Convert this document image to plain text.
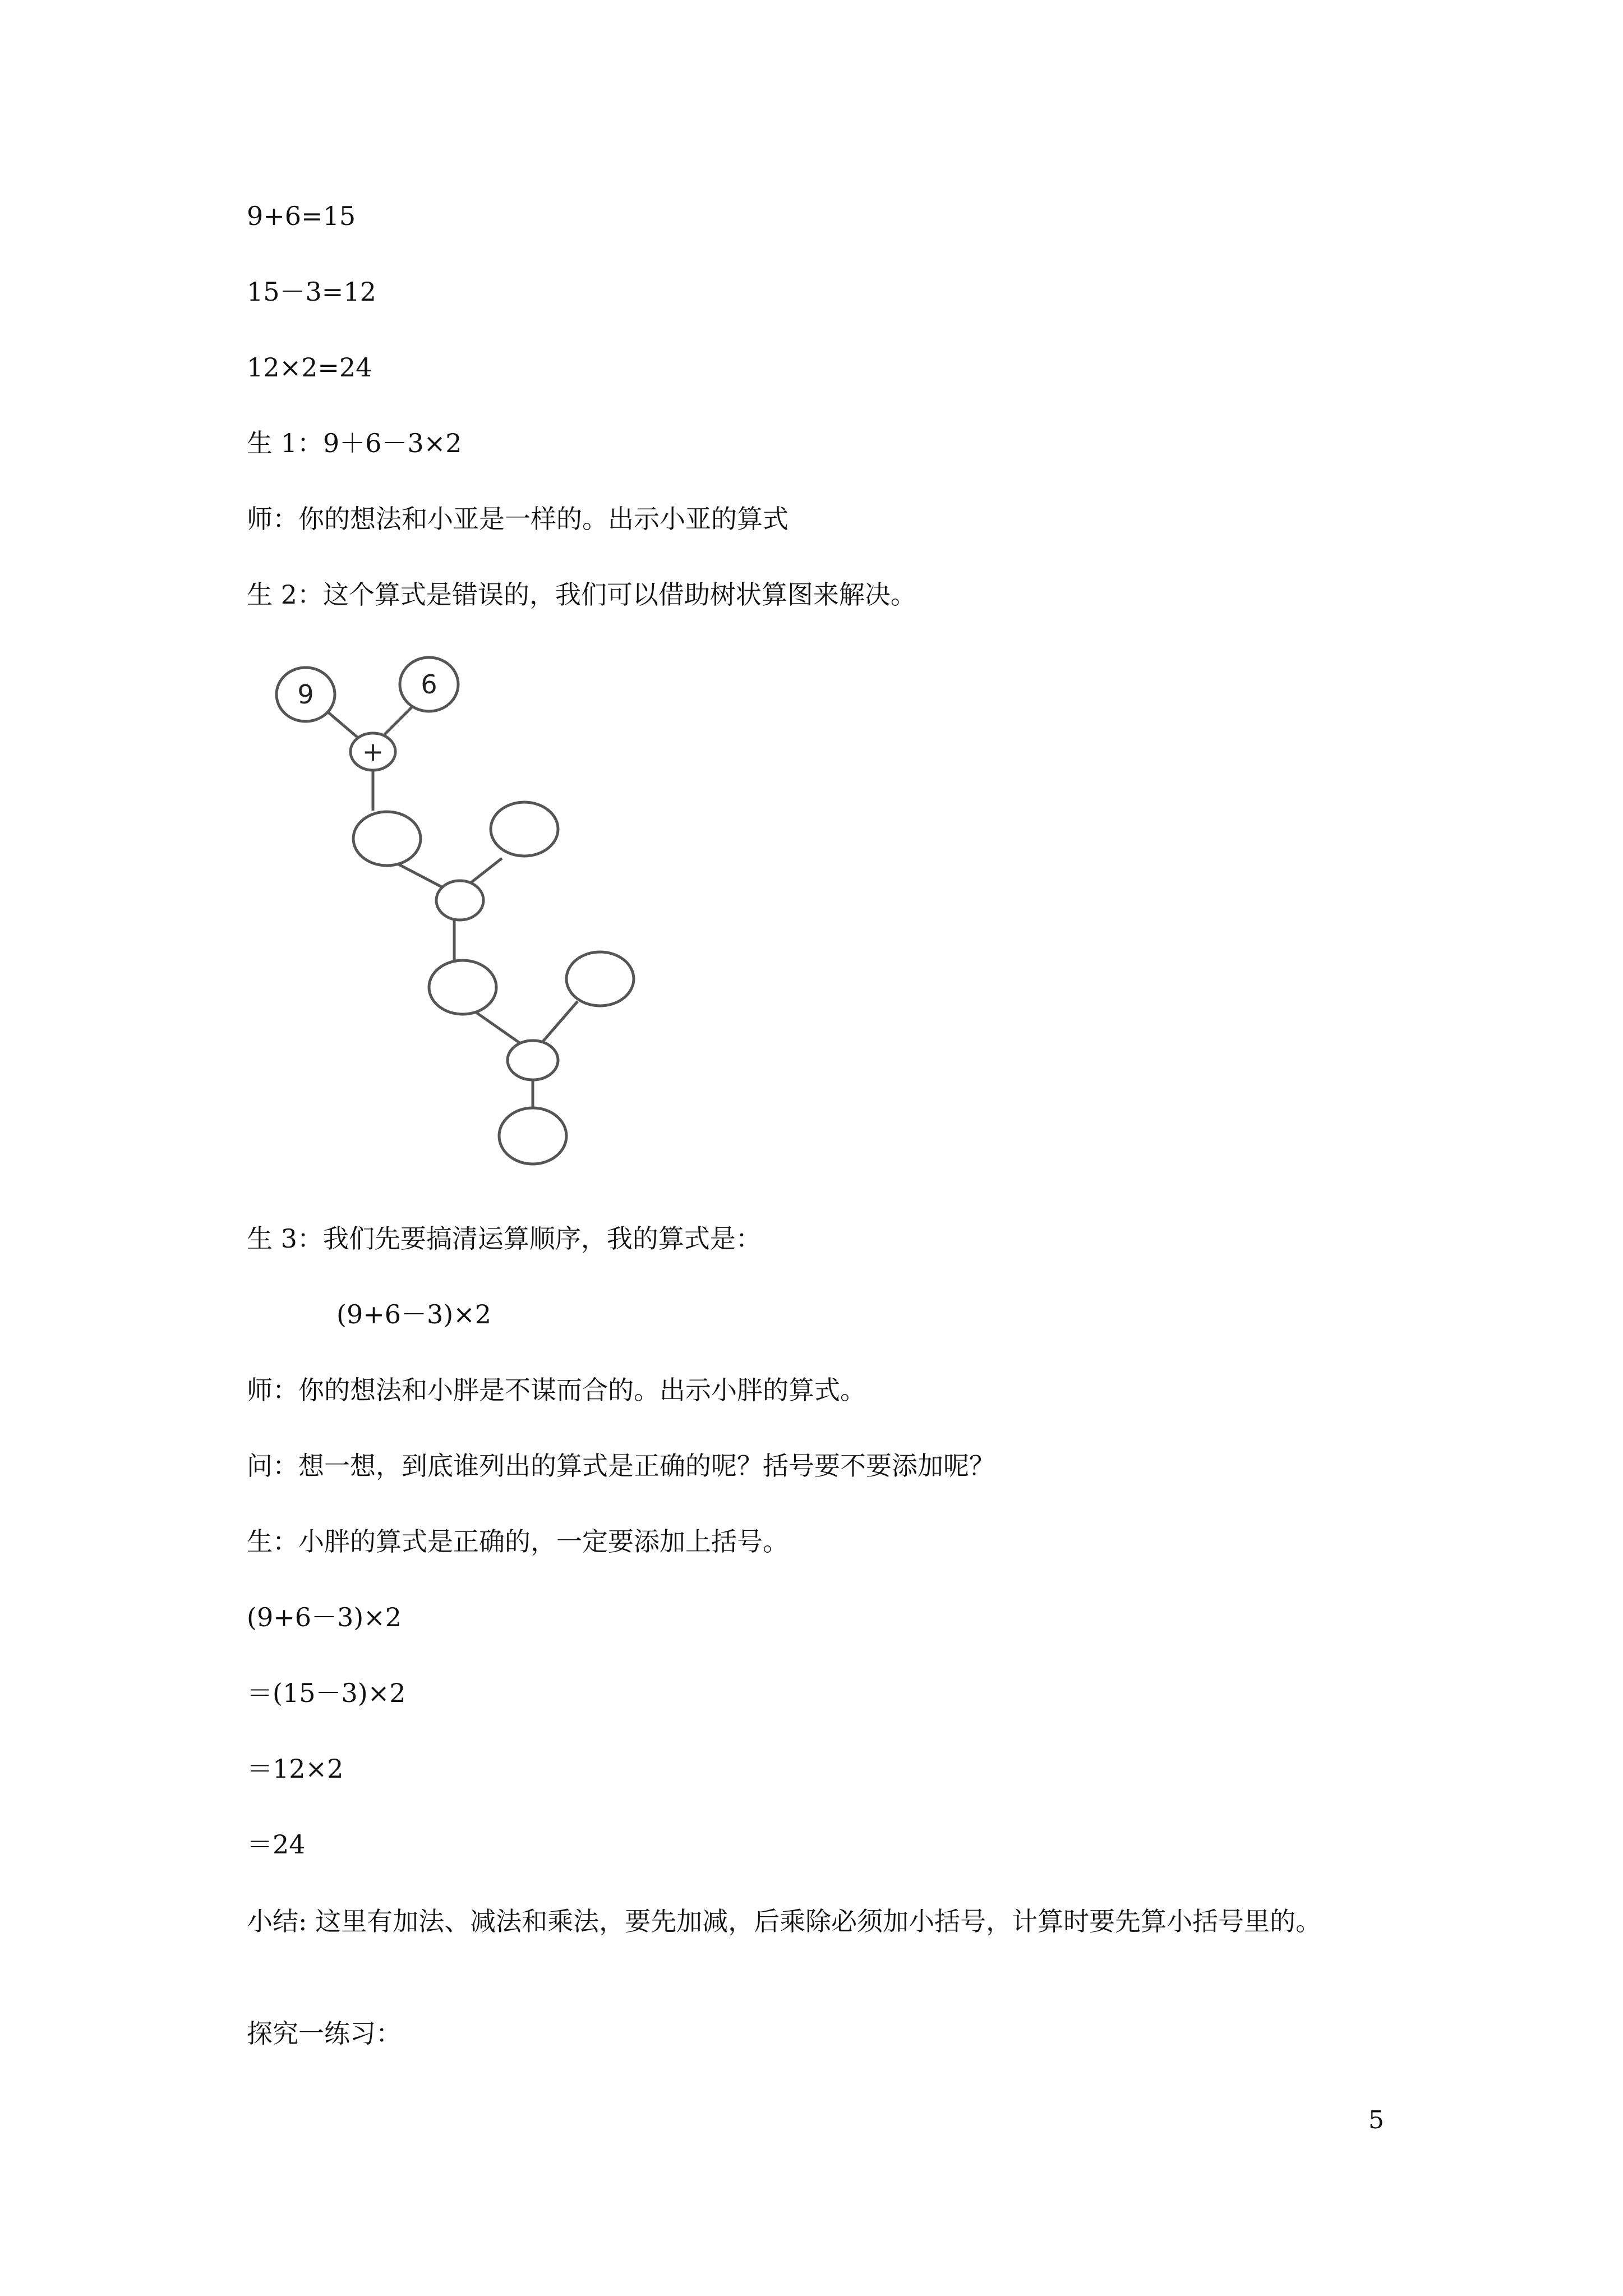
9+6=15

15－3=12

12×2=24

生 1：9＋6－3×2

师：你的想法和小亚是一样的。出示小亚的算式

生 2：这个算式是错误的，我们可以借助树状算图来解决。

9	6
+

生 3：我们先要搞清运算顺序，我的算式是：

(9+6－3)×2

师：你的想法和小胖是不谋而合的。出示小胖的算式。

问：想一想，到底谁列出的算式是正确的呢？括号要不要添加呢？

生：小胖的算式是正确的，一定要添加上括号。

(9+6－3)×2

＝(15－3)×2

＝12×2

＝24

小结: 这里有加法、减法和乘法，要先加减，后乘除必须加小括号，计算时要先算小括号里的。

探究一练习：

5
